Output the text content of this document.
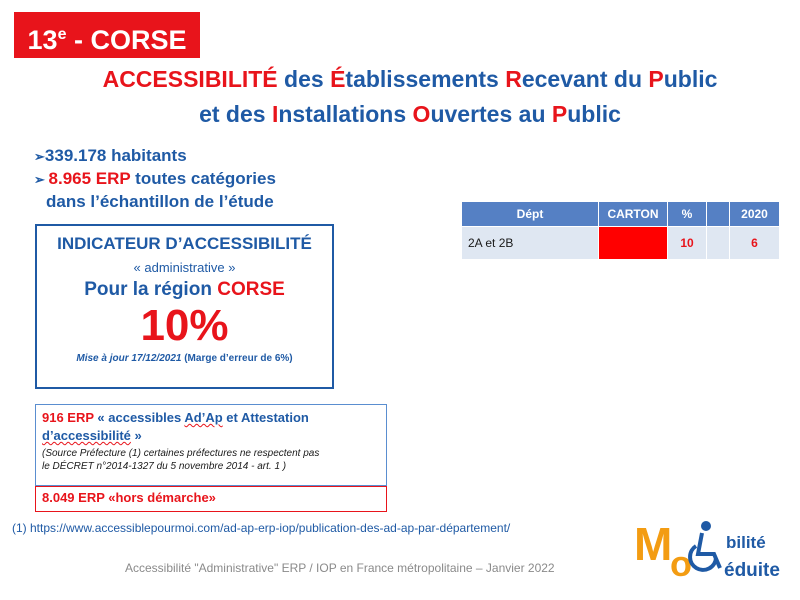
13e - CORSE
ACCESSIBILITÉ des Établissements Recevant du Public
et des Installations Ouvertes au Public
➢339.178 habitants
➢ 8.965 ERP toutes catégories
dans l’échantillon de l’étude
INDICATEUR D’ACCESSIBILITÉ
« administrative »
Pour la région CORSE
10%
Mise à jour 17/12/2021 (Marge d’erreur de 6%)
916 ERP « accessibles Ad’Ap et Attestation
d’accessibilité »
(Source Préfecture (1) certaines préfectures ne respectent pas
le DÉCRET n°2014-1327 du 5 novembre 2014 - art. 1 )
8.049 ERP «hors démarche»
Dépt	CARTON	%		2020
2A et 2B		10		6
(1) https://www.accessiblepourmoi.com/ad-ap-erp-iop/publication-des-ad-ap-par-département/
Accessibilité "Administrative" ERP / IOP en France métropolitaine – Janvier 2022 M
o
bilité
éduite
